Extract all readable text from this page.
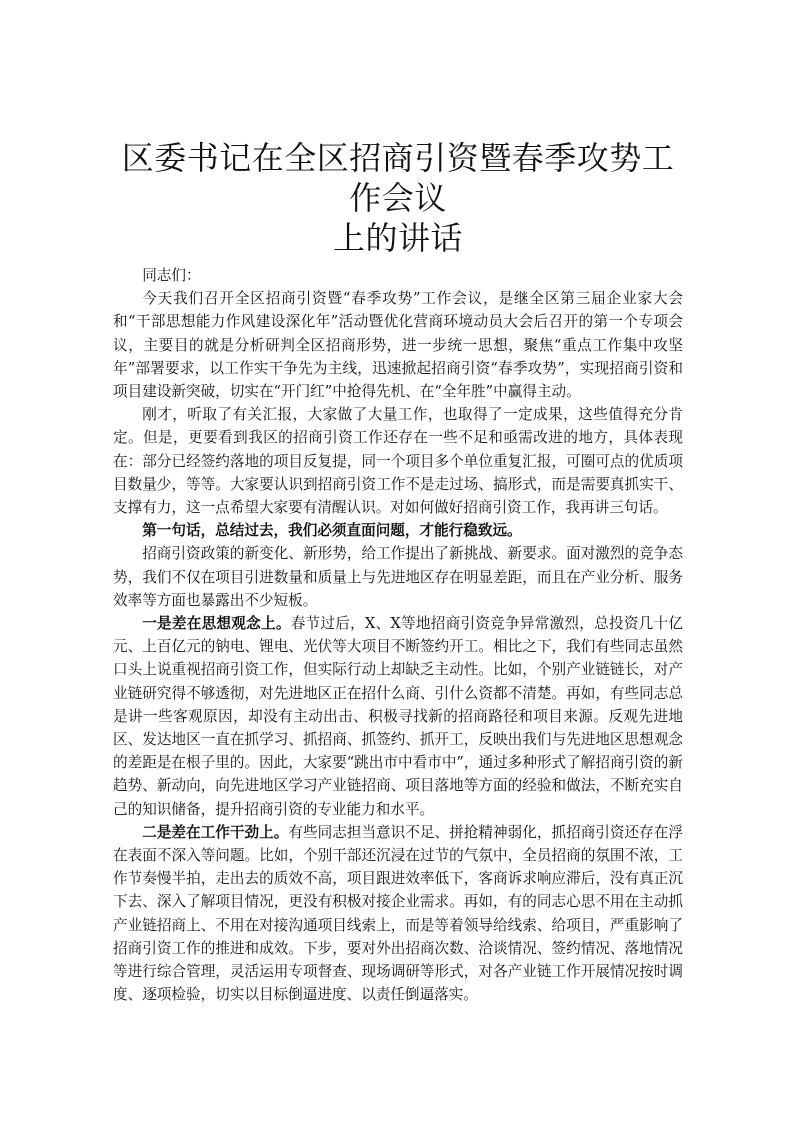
区委书记在全区招商引资暨春季攻势工作会议
上的讲话

同志们：

今天我们召开全区招商引资暨“春季攻势”工作会议，是继全区第三届企业家大会和“干部思想能力作风建设深化年”活动暨优化营商环境动员大会后召开的第一个专项会议，主要目的就是分析研判全区招商形势，进一步统一思想，聚焦“重点工作集中攻坚年”部署要求，以工作实干争先为主线，迅速掀起招商引资“春季攻势”，实现招商引资和项目建设新突破，切实在“开门红”中抢得先机、在“全年胜”中赢得主动。

刚才，听取了有关汇报，大家做了大量工作，也取得了一定成果，这些值得充分肯定。但是，更要看到我区的招商引资工作还存在一些不足和亟需改进的地方，具体表现在：部分已经签约落地的项目反复提，同一个项目多个单位重复汇报，可圈可点的优质项目数量少，等等。大家要认识到招商引资工作不是走过场、搞形式，而是需要真抓实干、支撑有力，这一点希望大家要有清醒认识。对如何做好招商引资工作，我再讲三句话。

第一句话，总结过去，我们必须直面问题，才能行稳致远。

招商引资政策的新变化、新形势，给工作提出了新挑战、新要求。面对激烈的竞争态势，我们不仅在项目引进数量和质量上与先进地区存在明显差距，而且在产业分析、服务效率等方面也暴露出不少短板。

一是差在思想观念上。春节过后，X、X等地招商引资竞争异常激烈，总投资几十亿元、上百亿元的钠电、锂电、光伏等大项目不断签约开工。相比之下，我们有些同志虽然口头上说重视招商引资工作，但实际行动上却缺乏主动性。比如，个别产业链链长，对产业链研究得不够透彻，对先进地区正在招什么商、引什么资都不清楚。再如，有些同志总是讲一些客观原因，却没有主动出击、积极寻找新的招商路径和项目来源。反观先进地区、发达地区一直在抓学习、抓招商、抓签约、抓开工，反映出我们与先进地区思想观念的差距是在根子里的。因此，大家要“跳出市中看市中”，通过多种形式了解招商引资的新趋势、新动向，向先进地区学习产业链招商、项目落地等方面的经验和做法，不断充实自己的知识储备，提升招商引资的专业能力和水平。

二是差在工作干劲上。有些同志担当意识不足、拼抢精神弱化，抓招商引资还存在浮在表面不深入等问题。比如，个别干部还沉浸在过节的气氛中，全员招商的氛围不浓，工作节奏慢半拍，走出去的质效不高，项目跟进效率低下，客商诉求响应滞后，没有真正沉下去、深入了解项目情况，更没有积极对接企业需求。再如，有的同志心思不用在主动抓产业链招商上、不用在对接沟通项目线索上，而是等着领导给线索、给项目，严重影响了招商引资工作的推进和成效。下步，要对外出招商次数、洽谈情况、签约情况、落地情况等进行综合管理，灵活运用专项督查、现场调研等形式，对各产业链工作开展情况按时调度、逐项检验，切实以目标倒逼进度、以责任倒逼落实。
